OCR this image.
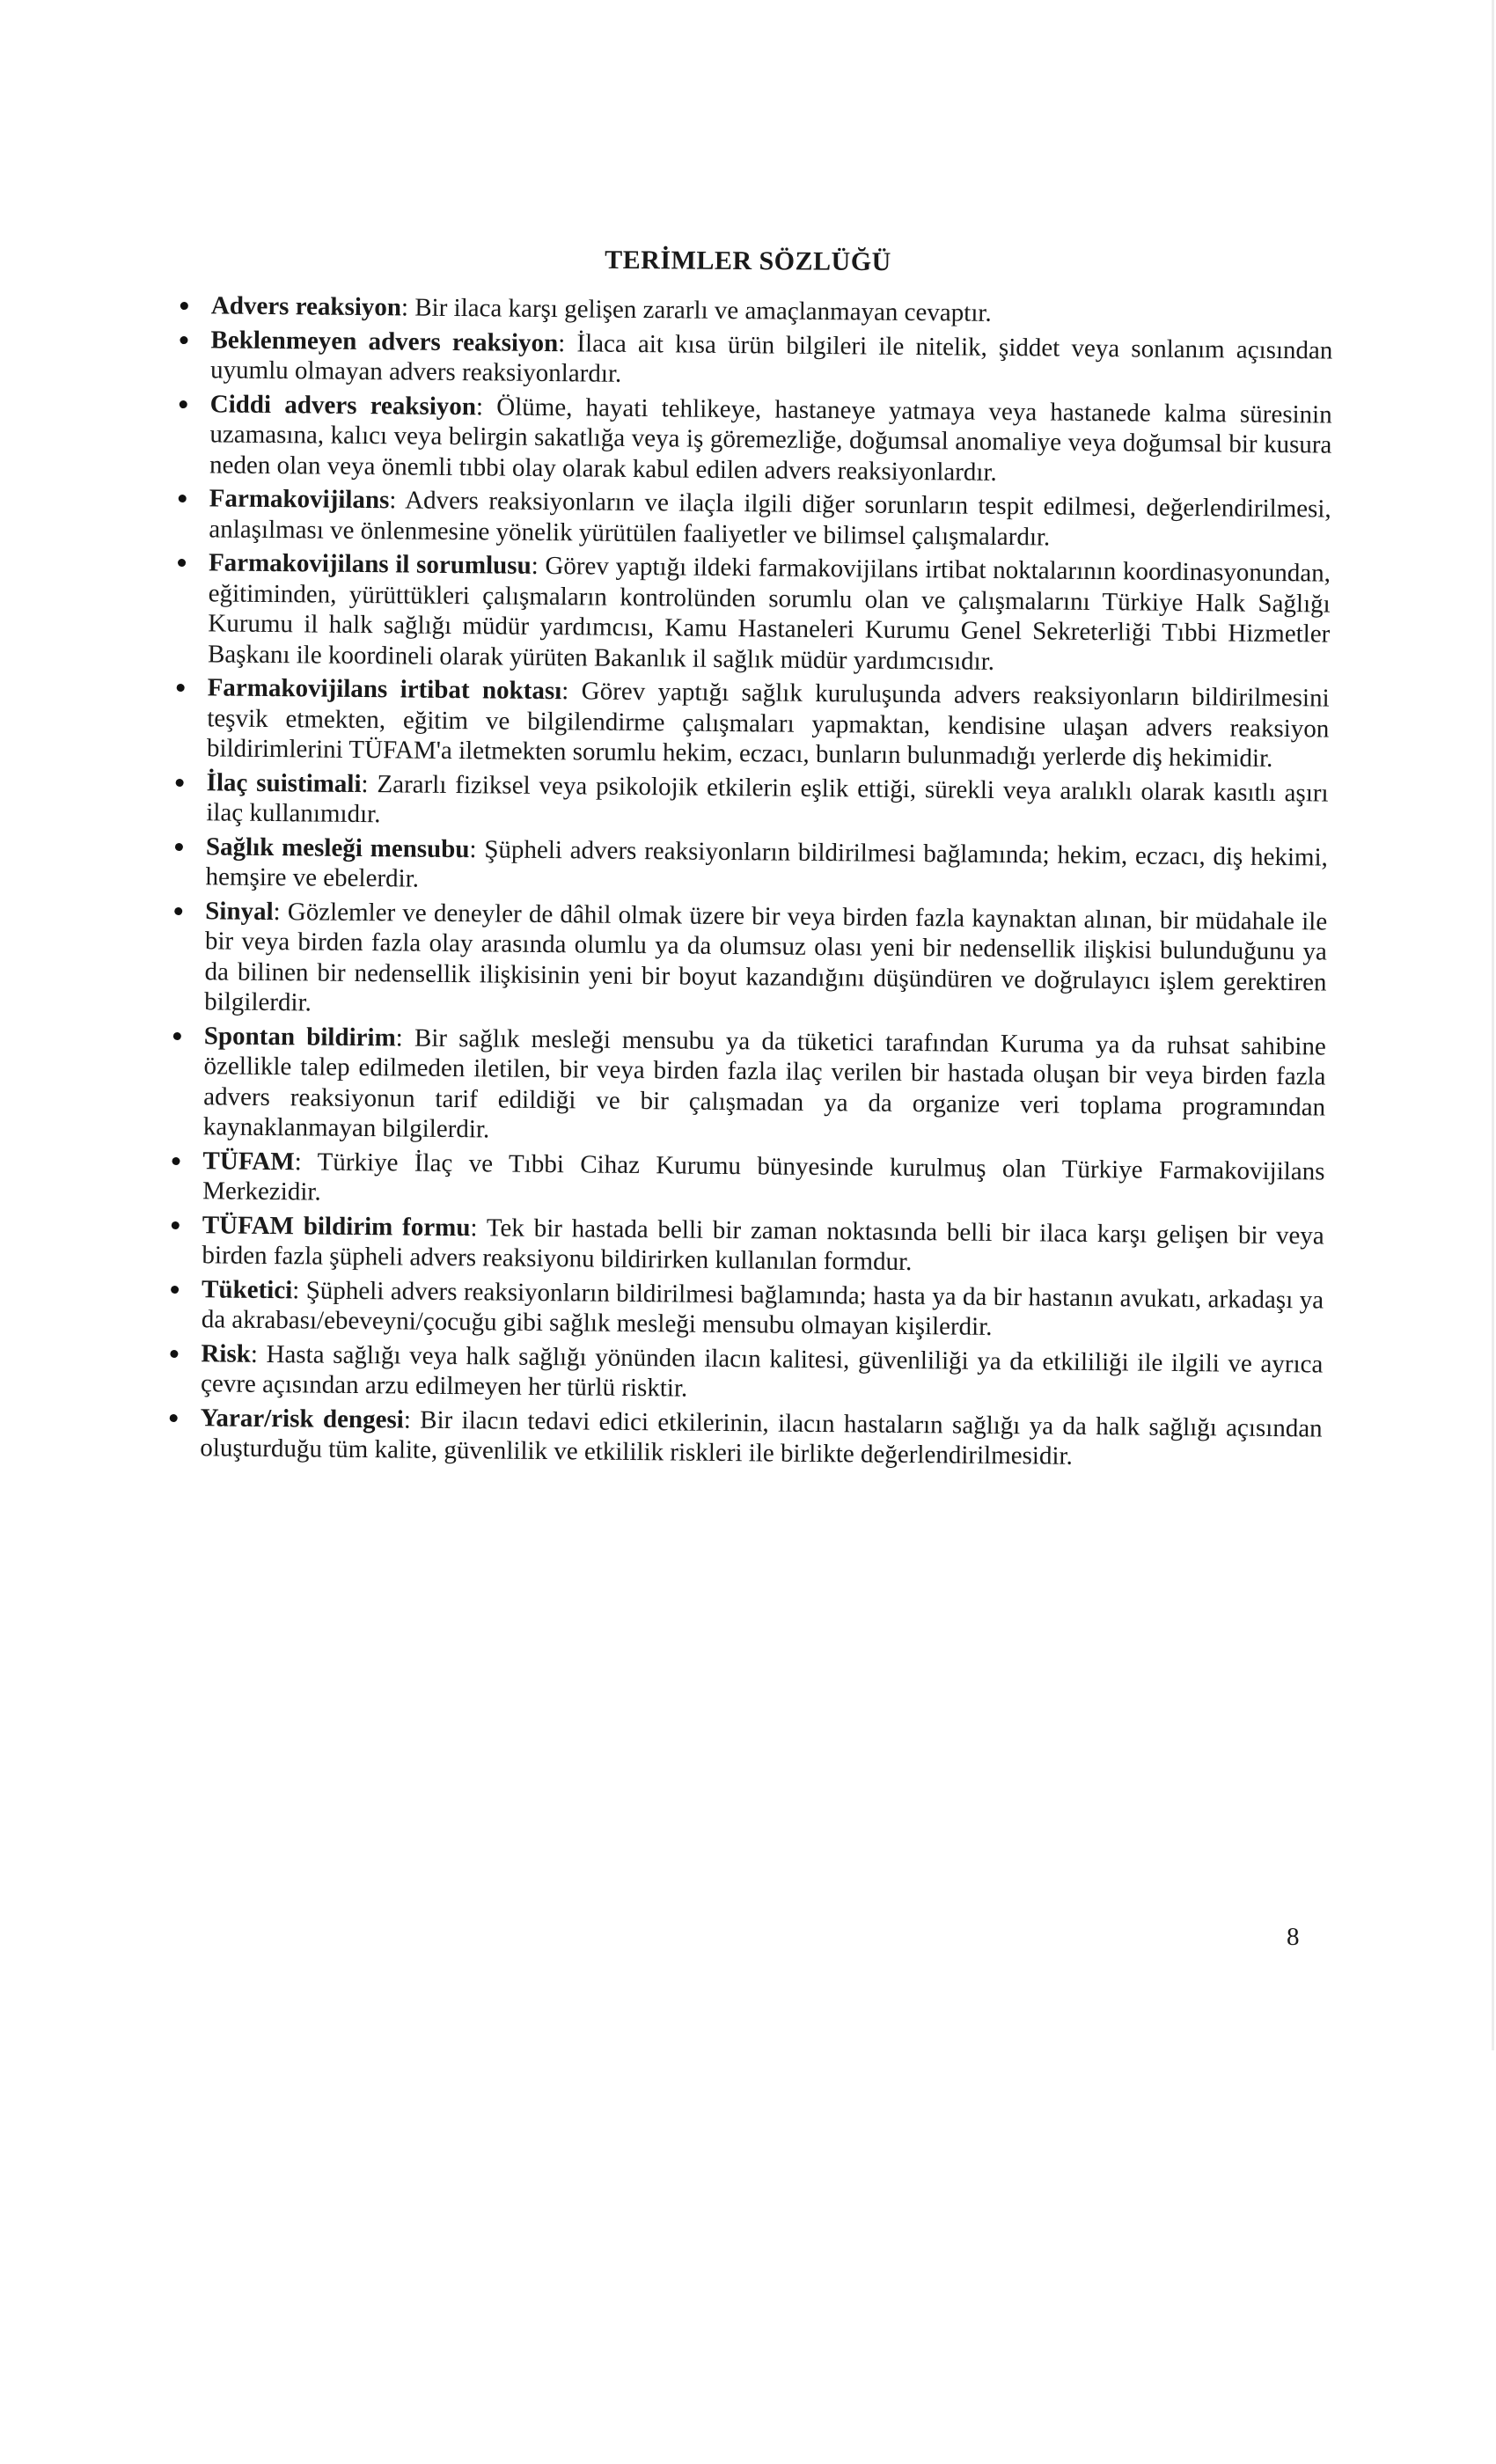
TERİMLER SÖZLÜĞÜ
Advers reaksiyon: Bir ilaca karşı gelişen zararlı ve amaçlanmayan cevaptır.
Beklenmeyen advers reaksiyon: İlaca ait kısa ürün bilgileri ile nitelik, şiddet veya sonlanım açısından uyumlu olmayan advers reaksiyonlardır.
Ciddi advers reaksiyon: Ölüme, hayati tehlikeye, hastaneye yatmaya veya hastanede kalma süresinin uzamasına, kalıcı veya belirgin sakatlığa veya iş göremezliğe, doğumsal anomaliye veya doğumsal bir kusura neden olan veya önemli tıbbi olay olarak kabul edilen advers reaksiyonlardır.
Farmakovijilans: Advers reaksiyonların ve ilaçla ilgili diğer sorunların tespit edilmesi, değerlendirilmesi, anlaşılması ve önlenmesine yönelik yürütülen faaliyetler ve bilimsel çalışmalardır.
Farmakovijilans il sorumlusu: Görev yaptığı ildeki farmakovijilans irtibat noktalarının koordinasyonundan, eğitiminden, yürüttükleri çalışmaların kontrolünden sorumlu olan ve çalışmalarını Türkiye Halk Sağlığı Kurumu il halk sağlığı müdür yardımcısı, Kamu Hastaneleri Kurumu Genel Sekreterliği Tıbbi Hizmetler Başkanı ile koordineli olarak yürüten Bakanlık il sağlık müdür yardımcısıdır.
Farmakovijilans irtibat noktası: Görev yaptığı sağlık kuruluşunda advers reaksiyonların bildirilmesini teşvik etmekten, eğitim ve bilgilendirme çalışmaları yapmaktan, kendisine ulaşan advers reaksiyon bildirimlerini TÜFAM'a iletmekten sorumlu hekim, eczacı, bunların bulunmadığı yerlerde diş hekimidir.
İlaç suistimali: Zararlı fiziksel veya psikolojik etkilerin eşlik ettiği, sürekli veya aralıklı olarak kasıtlı aşırı ilaç kullanımıdır.
Sağlık mesleği mensubu: Şüpheli advers reaksiyonların bildirilmesi bağlamında; hekim, eczacı, diş hekimi, hemşire ve ebelerdir.
Sinyal: Gözlemler ve deneyler de dâhil olmak üzere bir veya birden fazla kaynaktan alınan, bir müdahale ile bir veya birden fazla olay arasında olumlu ya da olumsuz olası yeni bir nedensellik ilişkisi bulunduğunu ya da bilinen bir nedensellik ilişkisinin yeni bir boyut kazandığını düşündüren ve doğrulayıcı işlem gerektiren bilgilerdir.
Spontan bildirim: Bir sağlık mesleği mensubu ya da tüketici tarafından Kuruma ya da ruhsat sahibine özellikle talep edilmeden iletilen, bir veya birden fazla ilaç verilen bir hastada oluşan bir veya birden fazla advers reaksiyonun tarif edildiği ve bir çalışmadan ya da organize veri toplama programından kaynaklanmayan bilgilerdir.
TÜFAM: Türkiye İlaç ve Tıbbi Cihaz Kurumu bünyesinde kurulmuş olan Türkiye Farmakovijilans Merkezidir.
TÜFAM bildirim formu: Tek bir hastada belli bir zaman noktasında belli bir ilaca karşı gelişen bir veya birden fazla şüpheli advers reaksiyonu bildirirken kullanılan formdur.
Tüketici: Şüpheli advers reaksiyonların bildirilmesi bağlamında; hasta ya da bir hastanın avukatı, arkadaşı ya da akrabası/ebeveyni/çocuğu gibi sağlık mesleği mensubu olmayan kişilerdir.
Risk: Hasta sağlığı veya halk sağlığı yönünden ilacın kalitesi, güvenliliği ya da etkililiği ile ilgili ve ayrıca çevre açısından arzu edilmeyen her türlü risktir.
Yarar/risk dengesi: Bir ilacın tedavi edici etkilerinin, ilacın hastaların sağlığı ya da halk sağlığı açısından oluşturduğu tüm kalite, güvenlilik ve etkililik riskleri ile birlikte değerlendirilmesidir.
8
